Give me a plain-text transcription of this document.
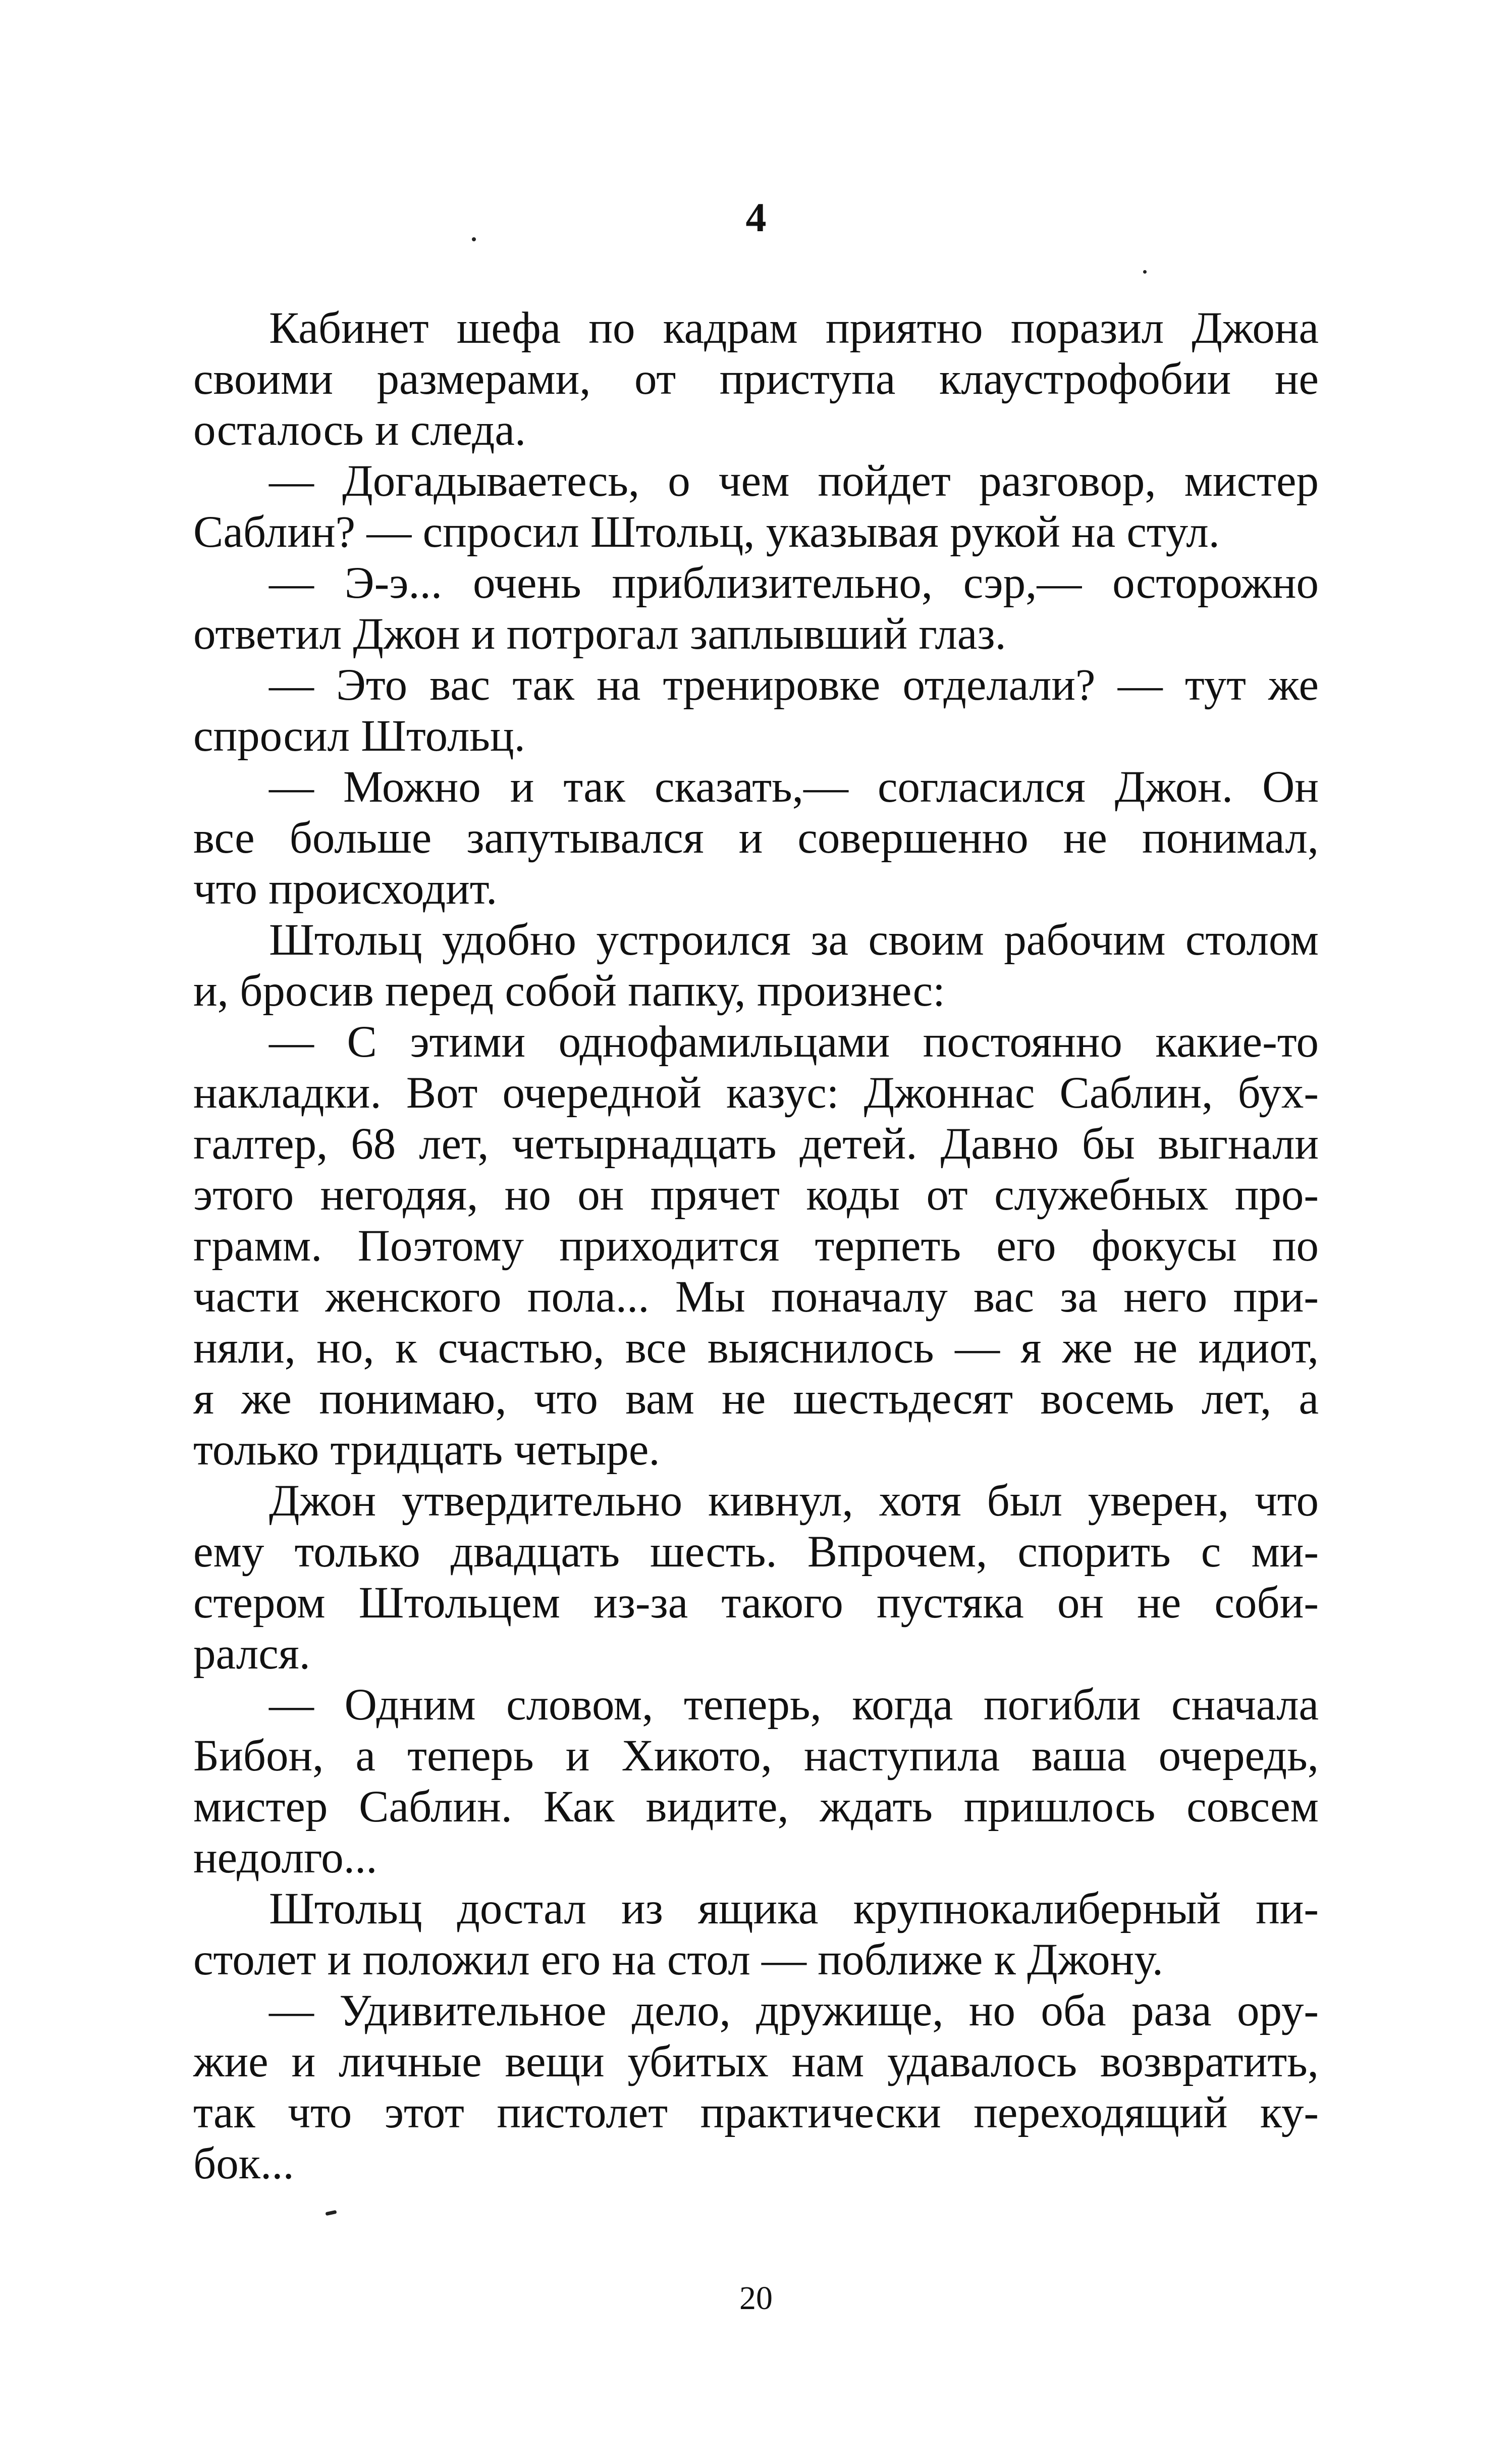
4
Кабинет шефа по кадрам приятно поразил Джона
своими размерами, от приступа клаустрофобии не
осталось и следа.
— Догадываетесь, о чем пойдет разговор, мистер
Саблин? — спросил Штольц, указывая рукой на стул.
— Э-э... очень приблизительно, сэр,— осторожно
ответил Джон и потрогал заплывший глаз.
— Это вас так на тренировке отделали? — тут же
спросил Штольц.
— Можно и так сказать,— согласился Джон. Он
все больше запутывался и совершенно не понимал,
что происходит.
Штольц удобно устроился за своим рабочим столом
и, бросив перед собой папку, произнес:
— С этими однофамильцами постоянно какие-то
накладки. Вот очередной казус: Джоннас Саблин, бух-
галтер, 68 лет, четырнадцать детей. Давно бы выгнали
этого негодяя, но он прячет коды от служебных про-
грамм. Поэтому приходится терпеть его фокусы по
части женского пола... Мы поначалу вас за него при-
няли, но, к счастью, все выяснилось — я же не идиот,
я же понимаю, что вам не шестьдесят восемь лет, а
только тридцать четыре.
Джон утвердительно кивнул, хотя был уверен, что
ему только двадцать шесть. Впрочем, спорить с ми-
стером Штольцем из-за такого пустяка он не соби-
рался.
— Одним словом, теперь, когда погибли сначала
Бибон, а теперь и Хикото, наступила ваша очередь,
мистер Саблин. Как видите, ждать пришлось совсем
недолго...
Штольц достал из ящика крупнокалиберный пи-
столет и положил его на стол — поближе к Джону.
— Удивительное дело, дружище, но оба раза ору-
жие и личные вещи убитых нам удавалось возвратить,
так что этот пистолет практически переходящий ку-
бок...
20
